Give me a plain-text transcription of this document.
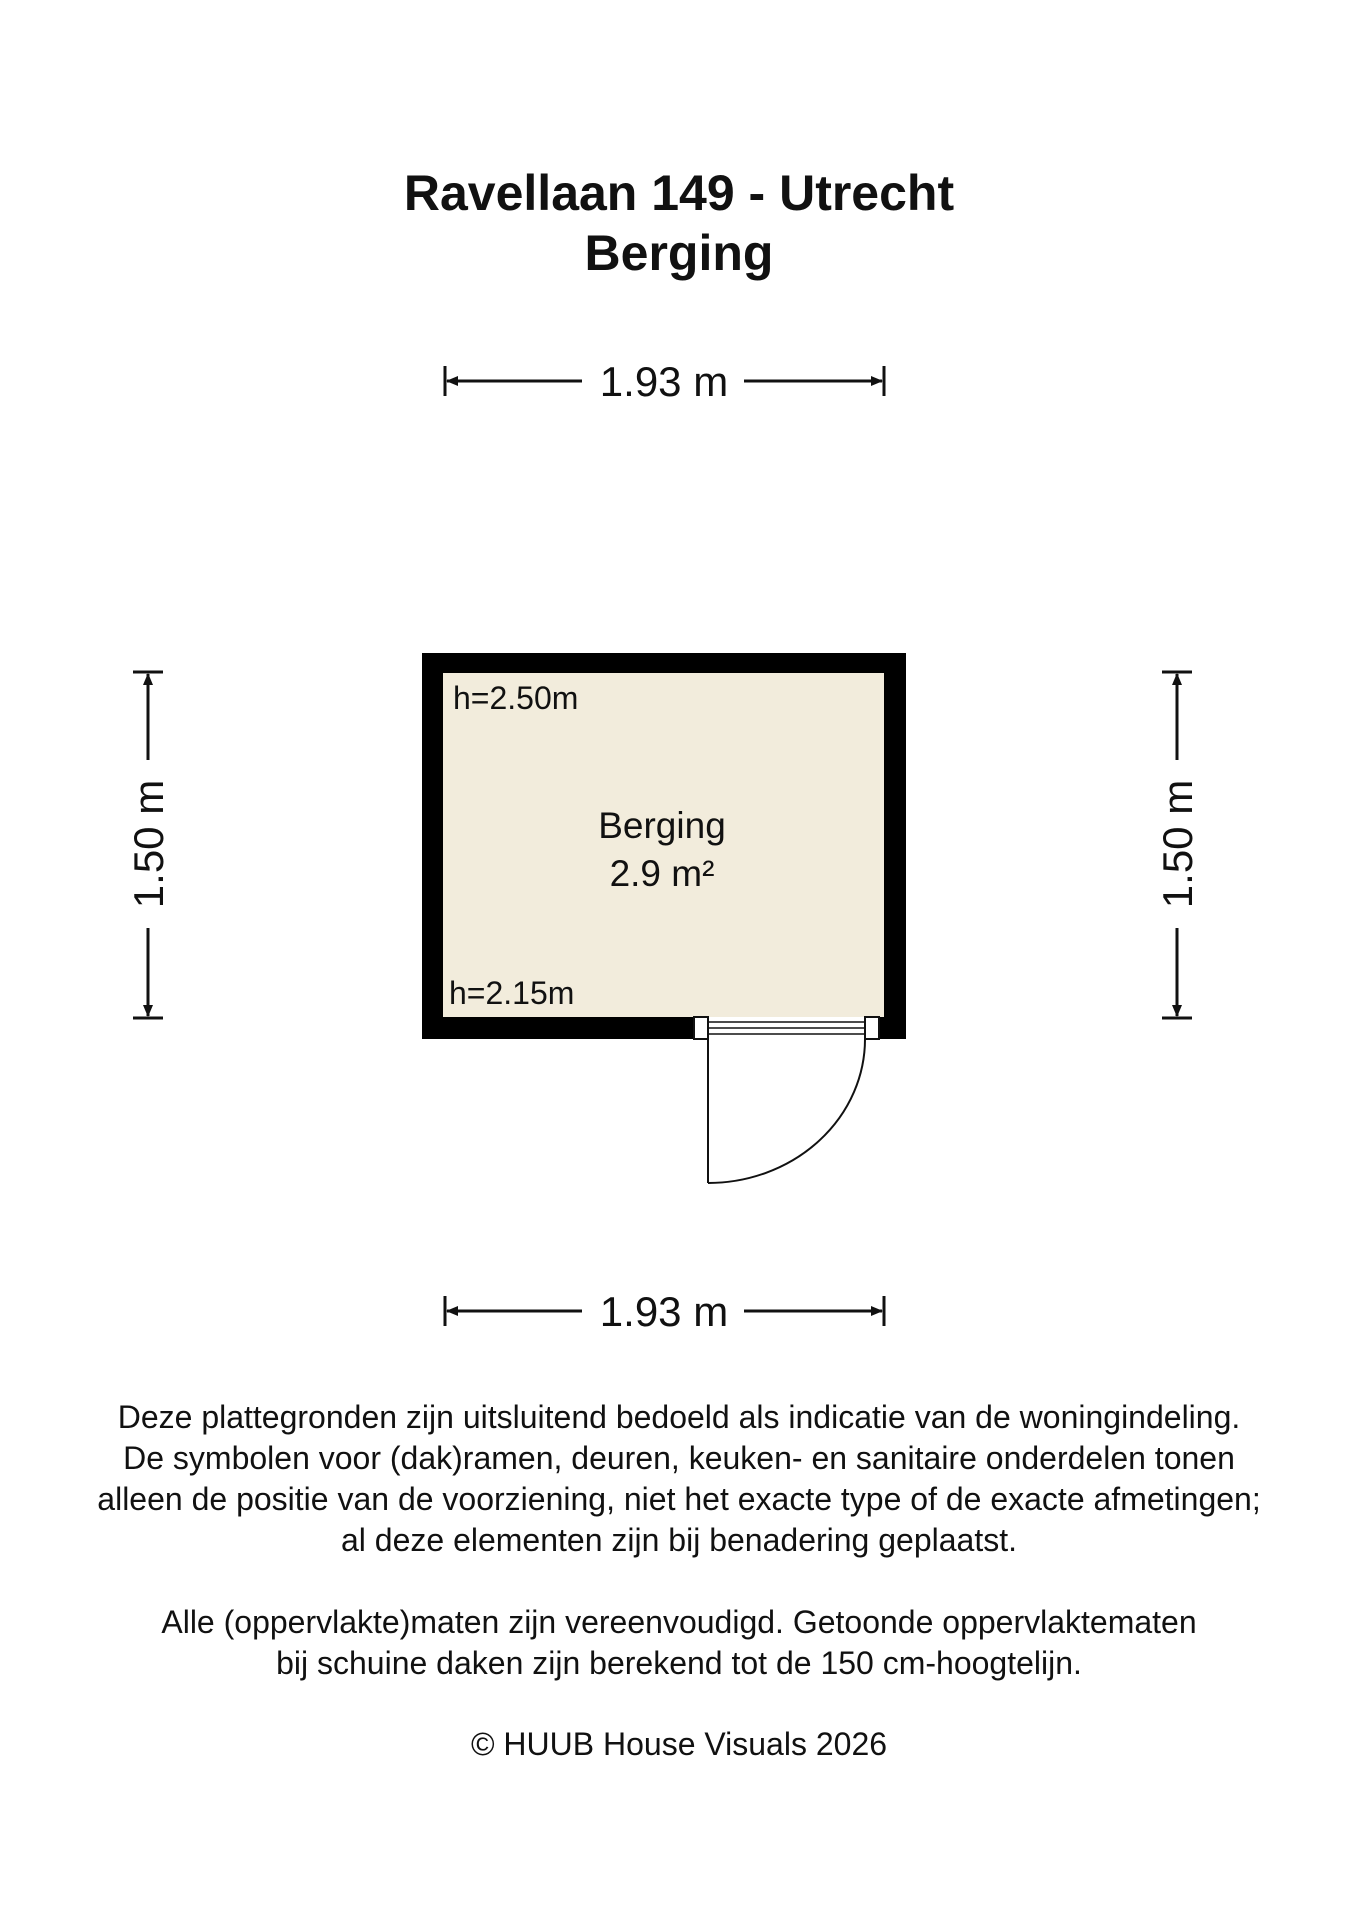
Ravellaan 149 - Utrecht
Berging
1.93 m
1.93 m
1.50 m	1.50 m
Berging
2.9 m²
h=2.50m
h=2.15m
Deze plattegronden zijn uitsluitend bedoeld als indicatie van de woningindeling.
De symbolen voor (dak)ramen, deuren, keuken- en sanitaire onderdelen tonen
alleen de positie van de voorziening, niet het exacte type of de exacte afmetingen;
al deze elementen zijn bij benadering geplaatst.
Alle (oppervlakte)maten zijn vereenvoudigd. Getoonde oppervlaktematen
bij schuine daken zijn berekend tot de 150 cm-hoogtelijn.
© HUUB House Visuals 2026
